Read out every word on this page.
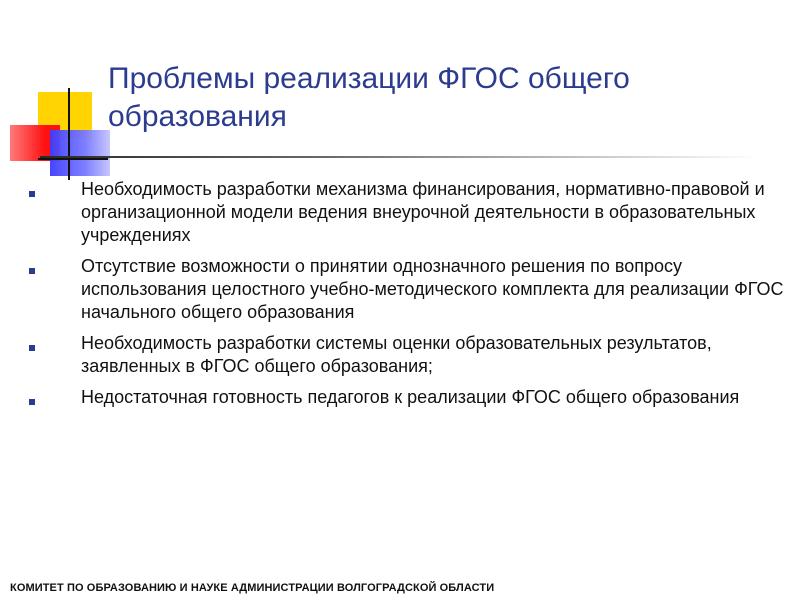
Проблемы реализации ФГОС общего образования
Необходимость разработки механизма финансирования, нормативно-правовой и организационной модели ведения внеурочной деятельности в образовательных учреждениях
Отсутствие возможности о принятии однозначного решения по вопросу использования целостного учебно-методического комплекта для реализации ФГОС начального общего образования
Необходимость разработки системы оценки образовательных результатов, заявленных в ФГОС общего образования;
Недостаточная готовность педагогов к реализации ФГОС общего образования
КОМИТЕТ ПО ОБРАЗОВАНИЮ И НАУКЕ АДМИНИСТРАЦИИ ВОЛГОГРАДСКОЙ ОБЛАСТИ
